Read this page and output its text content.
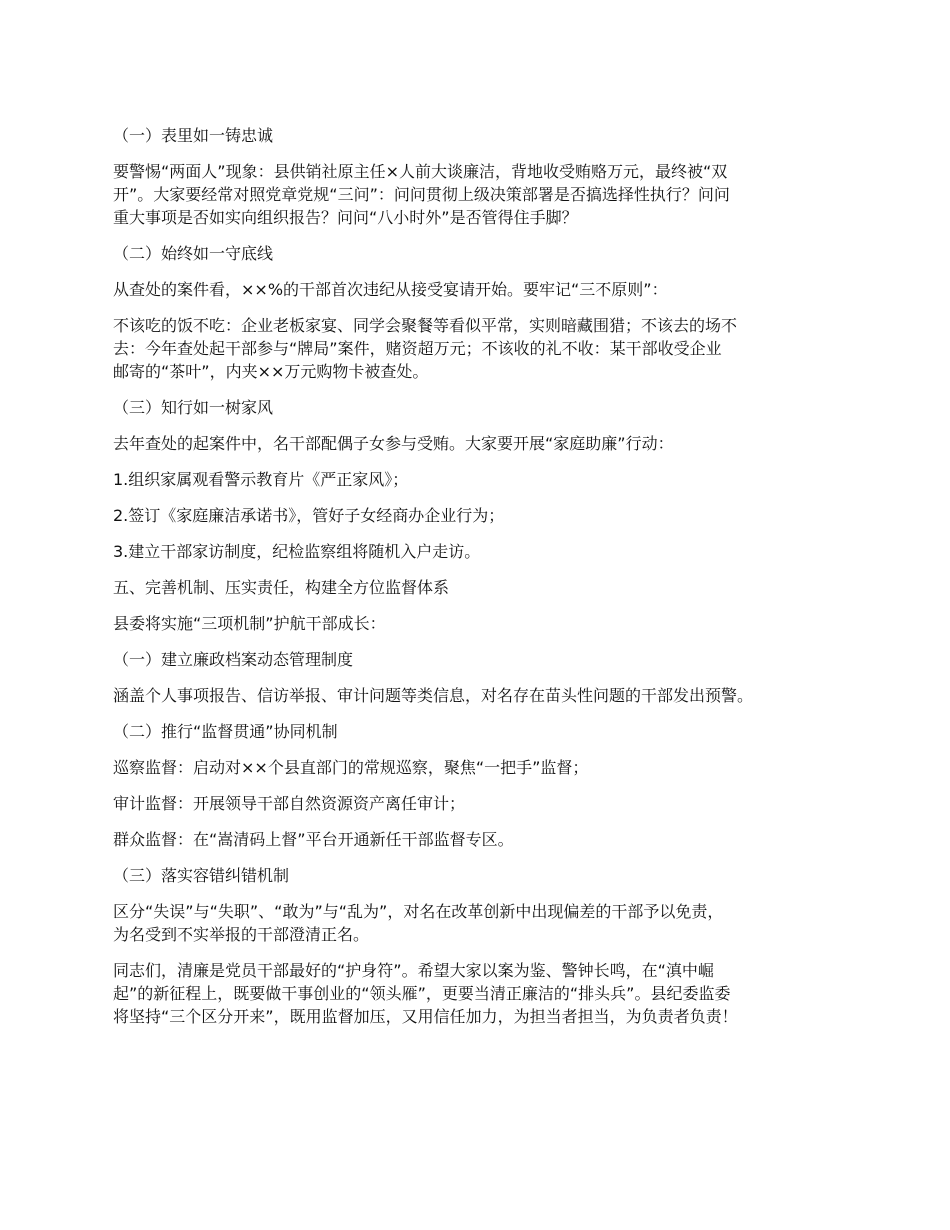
（一）表里如一铸忠诚

要警惕“两面人”现象：县供销社原主任×人前大谈廉洁，背地收受贿赂万元，最终被“双
开”。大家要经常对照党章党规“三问”：问问贯彻上级决策部署是否搞选择性执行？问问
重大事项是否如实向组织报告？问问“八小时外”是否管得住手脚？

（二）始终如一守底线

从查处的案件看，××%的干部首次违纪从接受宴请开始。要牢记“三不原则”：

不该吃的饭不吃：企业老板家宴、同学会聚餐等看似平常，实则暗藏围猎；不该去的场不
去：今年查处起干部参与“牌局”案件，赌资超万元；不该收的礼不收：某干部收受企业
邮寄的“茶叶”，内夹××万元购物卡被查处。

（三）知行如一树家风

去年查处的起案件中，名干部配偶子女参与受贿。大家要开展“家庭助廉”行动：

1.组织家属观看警示教育片《严正家风》；

2.签订《家庭廉洁承诺书》，管好子女经商办企业行为；

3.建立干部家访制度，纪检监察组将随机入户走访。

五、完善机制、压实责任，构建全方位监督体系

县委将实施“三项机制”护航干部成长：

（一）建立廉政档案动态管理制度

涵盖个人事项报告、信访举报、审计问题等类信息，对名存在苗头性问题的干部发出预警。

（二）推行“监督贯通”协同机制

巡察监督：启动对××个县直部门的常规巡察，聚焦“一把手”监督；

审计监督：开展领导干部自然资源资产离任审计；

群众监督：在“嵩清码上督”平台开通新任干部监督专区。

（三）落实容错纠错机制

区分“失误”与“失职”、“敢为”与“乱为”，对名在改革创新中出现偏差的干部予以免责，
为名受到不实举报的干部澄清正名。

同志们，清廉是党员干部最好的“护身符”。希望大家以案为鉴、警钟长鸣，在“滇中崛
起”的新征程上，既要做干事创业的“领头雁”，更要当清正廉洁的“排头兵”。县纪委监委
将坚持“三个区分开来”，既用监督加压，又用信任加力，为担当者担当，为负责者负责！
